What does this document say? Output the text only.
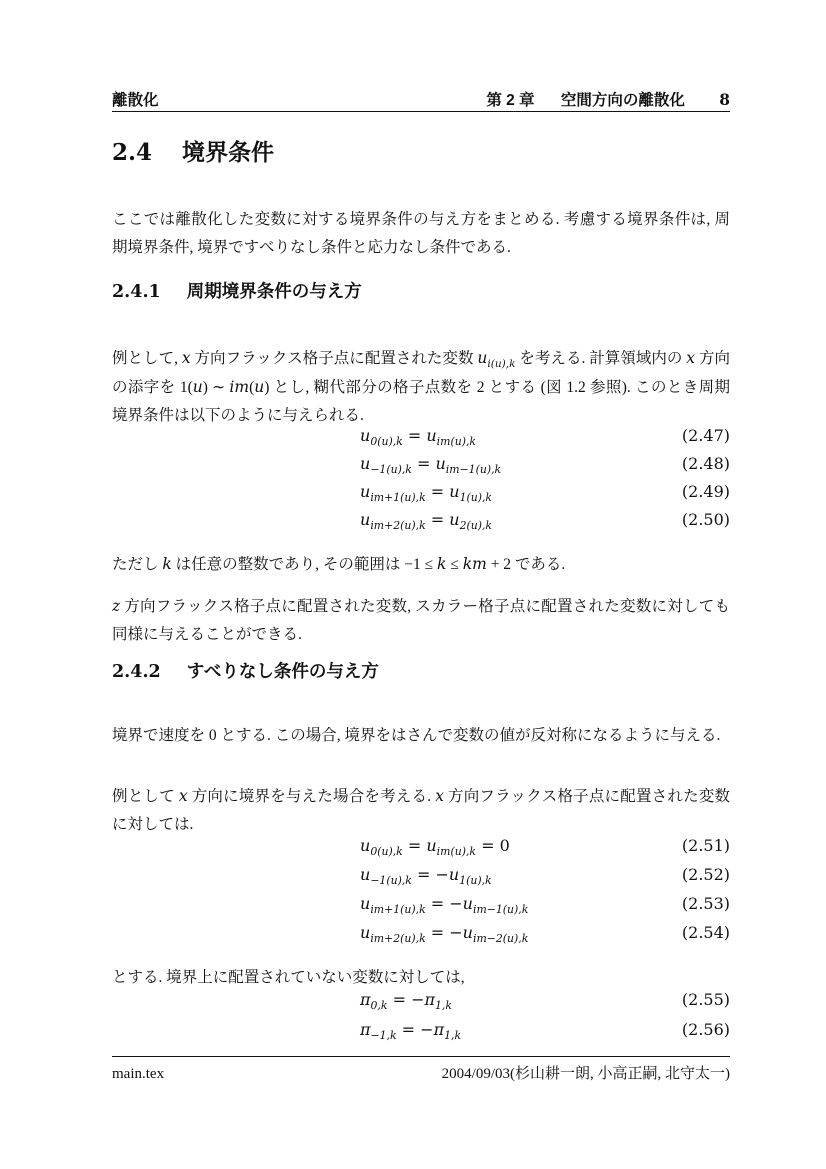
離散化	第 2 章 空間方向の離散化 8
2.4 境界条件

ここでは離散化した変数に対する境界条件の与え方をまとめる. 考慮する境界条件は, 周期境界条件, 境界ですべりなし条件と応力なし条件である.

2.4.1 周期境界条件の与え方

例として, x 方向フラックス格子点に配置された変数 $u_{i(u),k}$ を考える. 計算領域内の x 方向の添字を 1(u) ∼ im(u) とし, 糊代部分の格子点数を 2 とする (図 1.2 参照). このとき周期境界条件は以下のように与えられる.

$u_{0(u),k} = u_{im(u),k}$	(2.47)
$u_{-1(u),k} = u_{im-1(u),k}$	(2.48)
$u_{im+1(u),k} = u_{1(u),k}$	(2.49)
$u_{im+2(u),k} = u_{2(u),k}$	(2.50)

ただし k は任意の整数であり, その範囲は −1 ≤ k ≤ km + 2 である.

z 方向フラックス格子点に配置された変数, スカラー格子点に配置された変数に対しても同様に与えることができる.

2.4.2 すべりなし条件の与え方

境界で速度を 0 とする. この場合, 境界をはさんで変数の値が反対称になるように与える.

例として x 方向に境界を与えた場合を考える. x 方向フラックス格子点に配置された変数に対しては.

$u_{0(u),k} = u_{im(u),k} = 0$	(2.51)
$u_{-1(u),k} = -u_{1(u),k}$	(2.52)
$u_{im+1(u),k} = -u_{im-1(u),k}$	(2.53)
$u_{im+2(u),k} = -u_{im-2(u),k}$	(2.54)

とする. 境界上に配置されていない変数に対しては,

$\pi_{0,k} = -\pi_{1,k}$	(2.55)
$\pi_{-1,k} = -\pi_{1,k}$	(2.56)
main.tex	2004/09/03(杉山耕一朗, 小高正嗣, 北守太一)
